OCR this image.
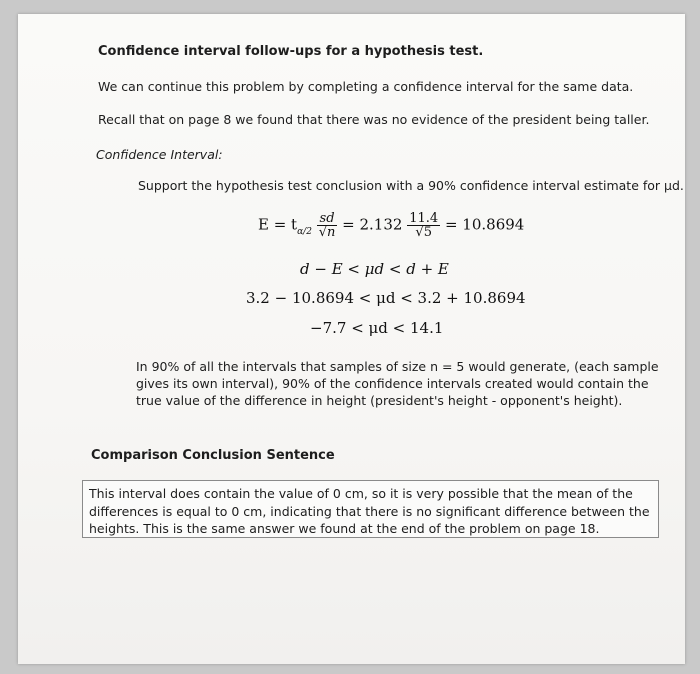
Confidence interval follow-ups for a hypothesis test.
We can continue this problem by completing a confidence interval for the same data.
Recall that on page 8 we found that there was no evidence of the president being taller.
Confidence Interval:
Support the hypothesis test conclusion with a 90% confidence interval estimate for μd.
$E = t_{\alpha/2} \frac{sd}{√n} = 2.132 \frac{11.4}{√5} = 10.8694$
d − E < μd < d + E
3.2 − 10.8694 < μd < 3.2 + 10.8694
−7.7 < μd < 14.1
In 90% of all the intervals that samples of size n = 5 would generate, (each sample gives its own interval), 90% of the confidence intervals created would contain the true value of the difference in height (president's height - opponent's height).
Comparison Conclusion Sentence
This interval does contain the value of 0 cm, so it is very possible that the mean of the differences is equal to 0 cm, indicating that there is no significant difference between the heights. This is the same answer we found at the end of the problem on page 18.
